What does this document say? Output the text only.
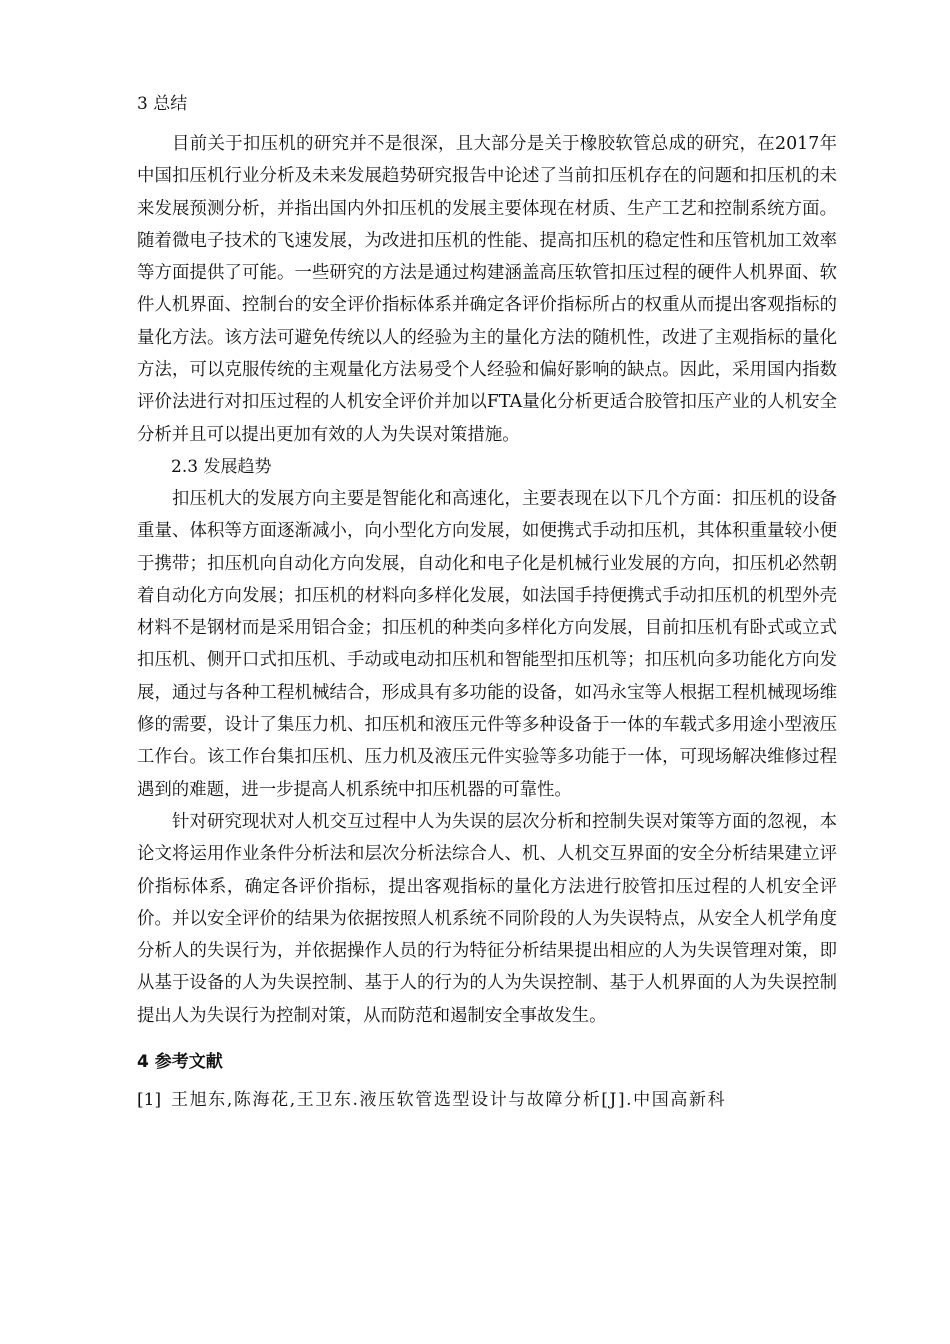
3 总结

目前关于扣压机的研究并不是很深，且大部分是关于橡胶软管总成的研究，在2017年中国扣压机行业分析及未来发展趋势研究报告中论述了当前扣压机存在的问题和扣压机的未来发展预测分析，并指出国内外扣压机的发展主要体现在材质、生产工艺和控制系统方面。随着微电子技术的飞速发展，为改进扣压机的性能、提高扣压机的稳定性和压管机加工效率等方面提供了可能。一些研究的方法是通过构建涵盖高压软管扣压过程的硬件人机界面、软件人机界面、控制台的安全评价指标体系并确定各评价指标所占的权重从而提出客观指标的量化方法。该方法可避免传统以人的经验为主的量化方法的随机性，改进了主观指标的量化方法，可以克服传统的主观量化方法易受个人经验和偏好影响的缺点。因此，采用国内指数评价法进行对扣压过程的人机安全评价并加以FTA量化分析更适合胶管扣压产业的人机安全分析并且可以提出更加有效的人为失误对策措施。

2.3 发展趋势

扣压机大的发展方向主要是智能化和高速化，主要表现在以下几个方面：扣压机的设备重量、体积等方面逐渐减小，向小型化方向发展，如便携式手动扣压机，其体积重量较小便于携带；扣压机向自动化方向发展，自动化和电子化是机械行业发展的方向，扣压机必然朝着自动化方向发展；扣压机的材料向多样化发展，如法国手持便携式手动扣压机的机型外壳材料不是钢材而是采用铝合金；扣压机的种类向多样化方向发展，目前扣压机有卧式或立式扣压机、侧开口式扣压机、手动或电动扣压机和智能型扣压机等；扣压机向多功能化方向发展，通过与各种工程机械结合，形成具有多功能的设备，如冯永宝等人根据工程机械现场维修的需要，设计了集压力机、扣压机和液压元件等多种设备于一体的车载式多用途小型液压工作台。该工作台集扣压机、压力机及液压元件实验等多功能于一体，可现场解决维修过程遇到的难题，进一步提高人机系统中扣压机器的可靠性。

针对研究现状对人机交互过程中人为失误的层次分析和控制失误对策等方面的忽视，本论文将运用作业条件分析法和层次分析法综合人、机、人机交互界面的安全分析结果建立评价指标体系，确定各评价指标，提出客观指标的量化方法进行胶管扣压过程的人机安全评价。并以安全评价的结果为依据按照人机系统不同阶段的人为失误特点，从安全人机学角度分析人的失误行为，并依据操作人员的行为特征分析结果提出相应的人为失误管理对策，即从基于设备的人为失误控制、基于人的行为的人为失误控制、基于人机界面的人为失误控制提出人为失误行为控制对策，从而防范和遏制安全事故发生。

4 参考文献

[1] 王旭东,陈海花,王卫东.液压软管选型设计与故障分析[J].中国高新科
